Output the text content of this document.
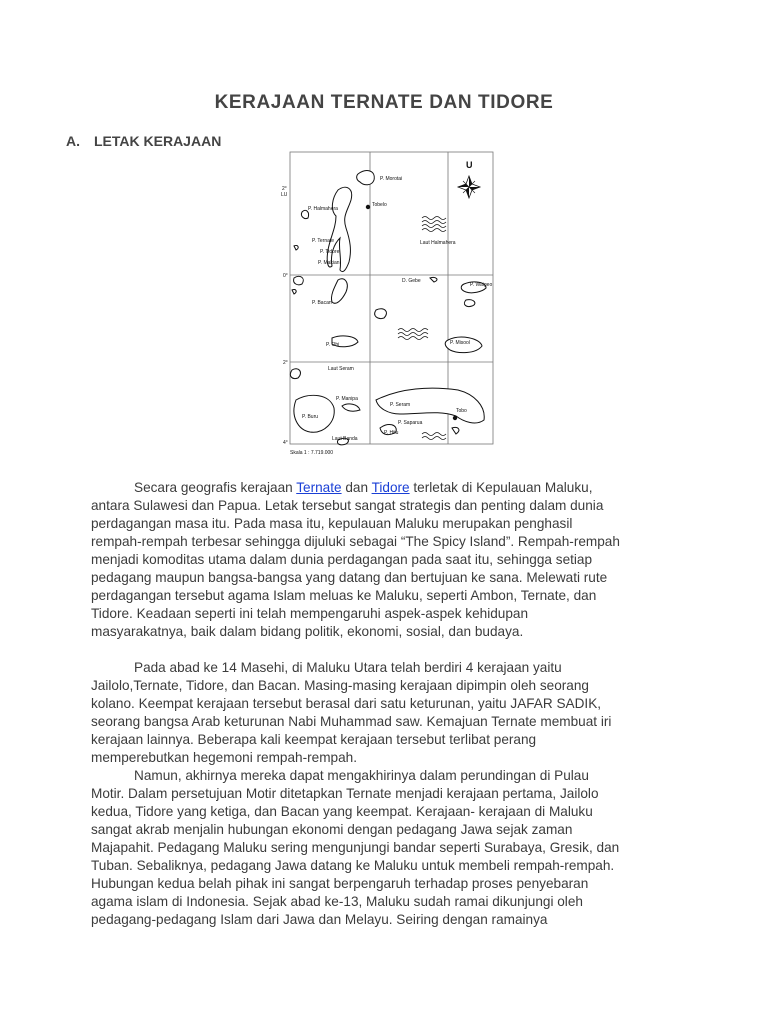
KERAJAAN TERNATE DAN TIDORE
A. LETAK KERAJAAN
2°
LU
0°
2°
4°
U
P. Morotai
P. Halmahera
Tobelo
P. Ternate
P. Tidore
P. Makian
Laut Halmahera
D. Gebe
P. Waigeo
P. Bacan
P. Obi	P. Misool
Laut Seram
P. Manipa
P. Seram
P. Buru
Tobo
P. Saparua
P. Hitu
Laut Banda
Skala 1 : 7.719.000

Secara geografis kerajaan Ternate dan Tidore terletak di Kepulauan Maluku,
antara Sulawesi dan Papua. Letak tersebut sangat strategis dan penting dalam dunia
perdagangan masa itu. Pada masa itu, kepulauan Maluku merupakan penghasil
rempah-rempah terbesar sehingga dijuluki sebagai “The Spicy Island”. Rempah-rempah
menjadi komoditas utama dalam dunia perdagangan pada saat itu, sehingga setiap
pedagang maupun bangsa-bangsa yang datang dan bertujuan ke sana. Melewati rute
perdagangan tersebut agama Islam meluas ke Maluku, seperti Ambon, Ternate, dan
Tidore. Keadaan seperti ini telah mempengaruhi aspek-aspek kehidupan
masyarakatnya, baik dalam bidang politik, ekonomi, sosial, dan budaya.

Pada abad ke 14 Masehi, di Maluku Utara telah berdiri 4 kerajaan yaitu
Jailolo,Ternate, Tidore, dan Bacan. Masing-masing kerajaan dipimpin oleh seorang
kolano. Keempat kerajaan tersebut berasal dari satu keturunan, yaitu JAFAR SADIK,
seorang bangsa Arab keturunan Nabi Muhammad saw. Kemajuan Ternate membuat iri
kerajaan lainnya. Beberapa kali keempat kerajaan tersebut terlibat perang
memperebutkan hegemoni rempah-rempah.

Namun, akhirnya mereka dapat mengakhirinya dalam perundingan di Pulau
Motir. Dalam persetujuan Motir ditetapkan Ternate menjadi kerajaan pertama, Jailolo
kedua, Tidore yang ketiga, dan Bacan yang keempat. Kerajaan- kerajaan di Maluku
sangat akrab menjalin hubungan ekonomi dengan pedagang Jawa sejak zaman
Majapahit. Pedagang Maluku sering mengunjungi bandar seperti Surabaya, Gresik, dan
Tuban. Sebaliknya, pedagang Jawa datang ke Maluku untuk membeli rempah-rempah.
Hubungan kedua belah pihak ini sangat berpengaruh terhadap proses penyebaran
agama islam di Indonesia. Sejak abad ke-13, Maluku sudah ramai dikunjungi oleh
pedagang-pedagang Islam dari Jawa dan Melayu. Seiring dengan ramainya
